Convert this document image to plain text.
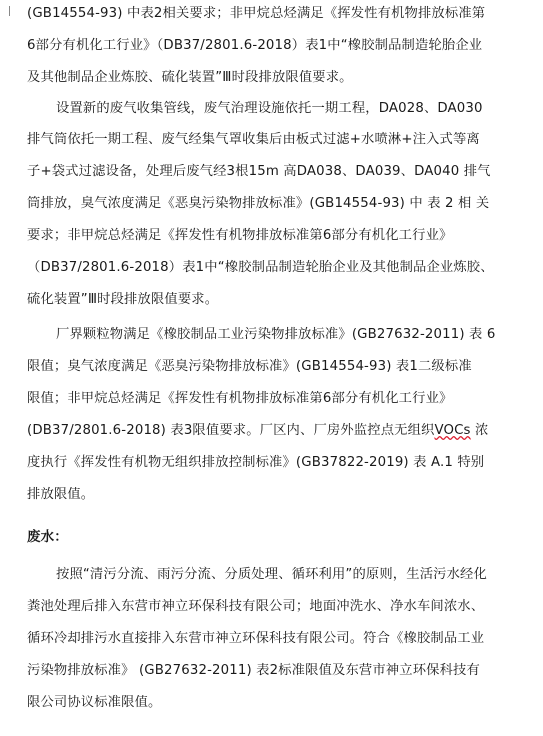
(GB14554-93) 中表2相关要求；非甲烷总烃满足《挥发性有机物排放标准第
6部分有机化工行业》（DB37/2801.6-2018）表1中“橡胶制品制造轮胎企业
及其他制品企业炼胶、硫化装置”Ⅲ时段排放限值要求。
设置新的废气收集管线，废气治理设施依托一期工程，DA028、DA030
排气筒依托一期工程、废气经集气罩收集后由板式过滤+水喷淋+注入式等离
子+袋式过滤设备，处理后废气经3根15m 高DA038、DA039、DA040 排气
筒排放，臭气浓度满足《恶臭污染物排放标准》(GB14554-93) 中 表 2 相 关
要求；非甲烷总烃满足《挥发性有机物排放标准第6部分有机化工行业》
（DB37/2801.6-2018）表1中“橡胶制品制造轮胎企业及其他制品企业炼胶、
硫化装置”Ⅲ时段排放限值要求。
厂界颗粒物满足《橡胶制品工业污染物排放标准》(GB27632-2011) 表 6
限值；臭气浓度满足《恶臭污染物排放标准》(GB14554-93) 表1二级标准
限值；非甲烷总烃满足《挥发性有机物排放标准第6部分有机化工行业》
(DB37/2801.6-2018) 表3限值要求。厂区内、厂房外监控点无组织VOCs 浓
度执行《挥发性有机物无组织排放控制标准》(GB37822-2019) 表 A.1 特别
排放限值。
废水：
按照“清污分流、雨污分流、分质处理、循环利用”的原则，生活污水经化
粪池处理后排入东营市神立环保科技有限公司；地面冲洗水、净水车间浓水、
循环冷却排污水直接排入东营市神立环保科技有限公司。符合《橡胶制品工业
污染物排放标准》 (GB27632-2011) 表2标准限值及东营市神立环保科技有
限公司协议标准限值。
